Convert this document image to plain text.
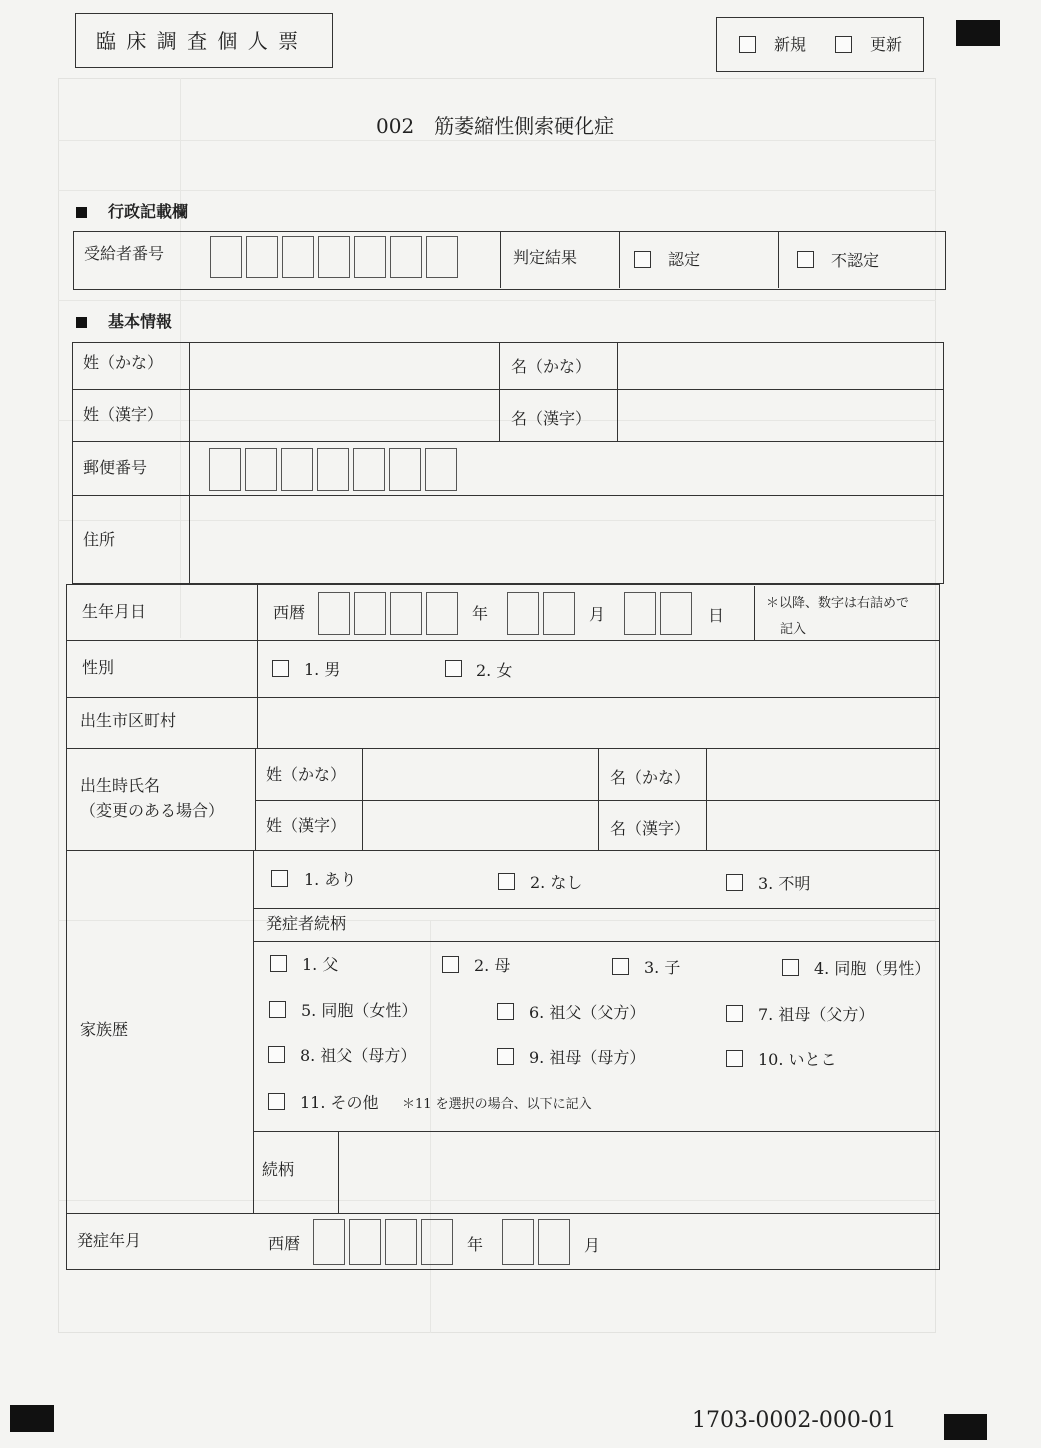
臨 床 調 査 個 人 票	新規	更新
002　筋萎縮性側索硬化症
行政記載欄
受給者番号	判定結果	認定	不認定
基本情報
姓（かな）	名（かな）
姓（漢字）	名（漢字）
郵便番号
住所
生年月日	西暦	年	月	日
＊以降、数字は右詰めで
記入
性別	1. 男	2. 女
出生市区町村
出生時氏名
（変更のある場合）
姓（かな）	名（かな）
姓（漢字）	名（漢字）
家族歴
1. あり	2. なし	3. 不明
発症者続柄
1. 父	2. 母	3. 子	4. 同胞（男性）
5. 同胞（女性）	6. 祖父（父方）	7. 祖母（父方）
8. 祖父（母方）	9. 祖母（母方）	10. いとこ
11. その他 ＊11 を選択の場合、以下に記入
続柄
発症年月	西暦	年	月
1703-0002-000-01
